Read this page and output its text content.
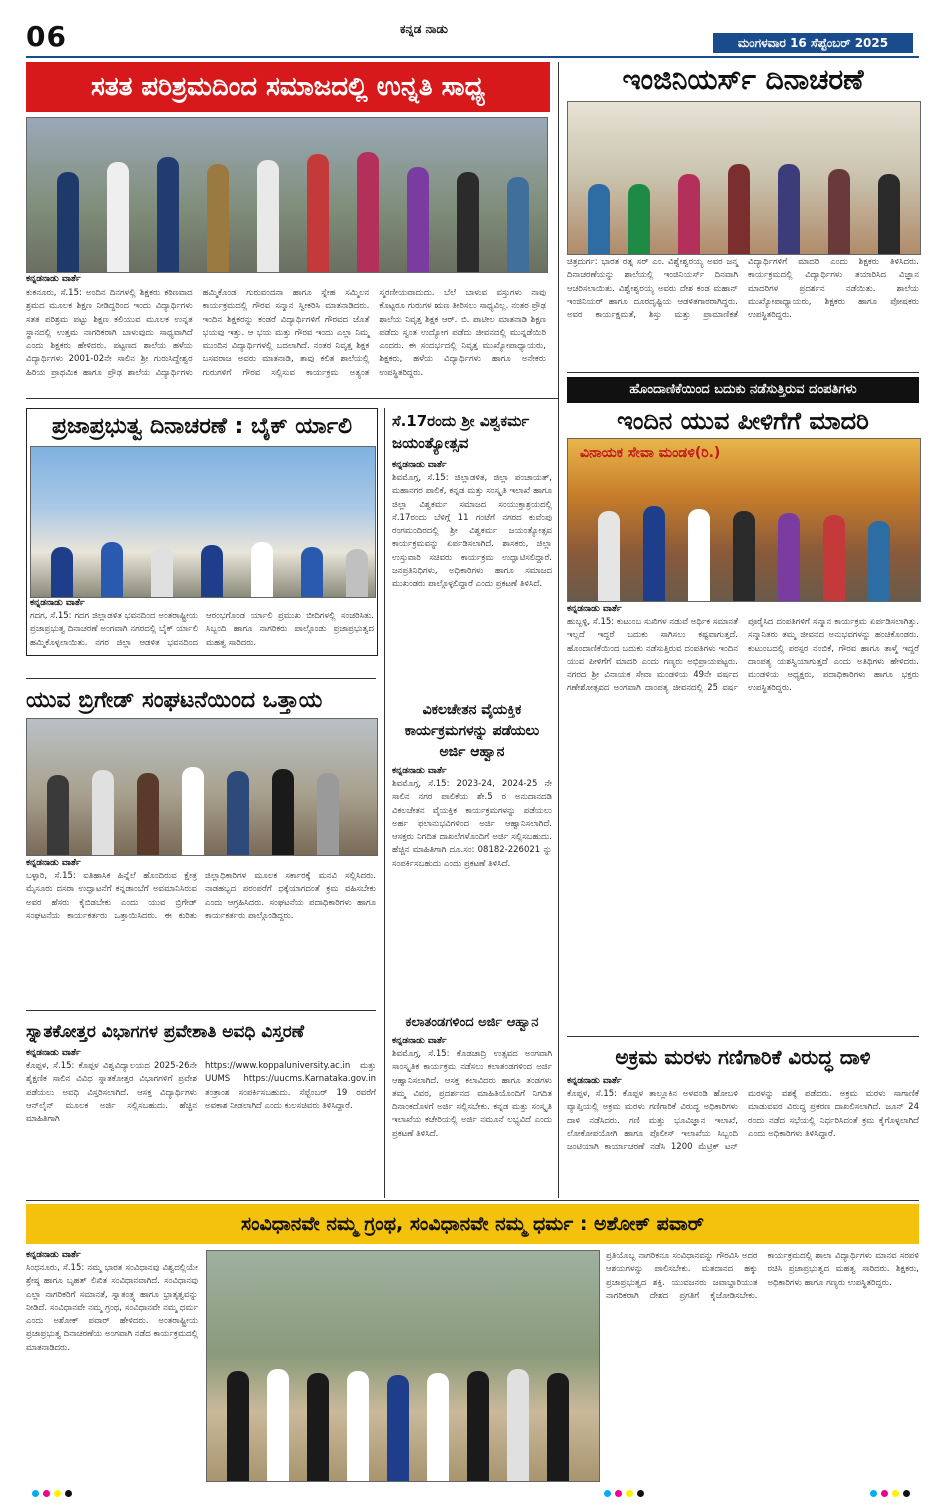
06	ಕನ್ನಡ ನಾಡು
ಮಂಗಳವಾರ 16 ಸೆಪ್ಟೆಂಬರ್ 2025
ಸತತ ಪರಿಶ್ರಮದಿಂದ ಸಮಾಜದಲ್ಲಿ ಉನ್ನತಿ ಸಾಧ್ಯ
ಕನ್ನಡನಾಡು ವಾರ್ತೆ
ಕುಕನೂರು, ಸೆ.15: ಅಂದಿನ ದಿನಗಳಲ್ಲಿ ಶಿಕ್ಷಕರು ಕಠಿಣವಾದ ಶ್ರಮದ ಮೂಲಕ ಶಿಕ್ಷಣ ನೀಡಿದ್ದರಿಂದ ಇಂದು ವಿದ್ಯಾರ್ಥಿಗಳು ಸತತ ಪರಿಶ್ರಮ ಪಟ್ಟು ಶಿಕ್ಷಣ ಕಲಿಯುವ ಮೂಲಕ ಉನ್ನತ ಸ್ಥಾನದಲ್ಲಿ ಉತ್ತಮ ನಾಗರಿಕರಾಗಿ ಬಾಳುವುದು ಸಾಧ್ಯವಾಗಿದೆ ಎಂದು ಶಿಕ್ಷಕರು ಹೇಳಿದರು. ಪಟ್ಟಣದ ಶಾಲೆಯ ಹಳೆಯ ವಿದ್ಯಾರ್ಥಿಗಳು 2001-02ನೇ ಸಾಲಿನ ಶ್ರೀ ಗುರುಸಿದ್ದೇಶ್ವರ ಹಿರಿಯ ಪ್ರಾಥಮಿಕ ಹಾಗೂ ಪ್ರೌಢ ಶಾಲೆಯ ವಿದ್ಯಾರ್ಥಿಗಳು ಹಮ್ಮಿಕೊಂಡ ಗುರುವಂದನಾ ಹಾಗೂ ಸ್ನೇಹ ಸಮ್ಮಿಲನ ಕಾರ್ಯಕ್ರಮದಲ್ಲಿ ಗೌರವ ಸನ್ಮಾನ ಸ್ವೀಕರಿಸಿ ಮಾತನಾಡಿದರು. ಇಂದಿನ ಶಿಕ್ಷಕರನ್ನು ಕಂಡರೆ ವಿದ್ಯಾರ್ಥಿಗಳಿಗೆ ಗೌರವದ ಜೊತೆ ಭಯವು ಇತ್ತು. ಆ ಭಯ ಮತ್ತು ಗೌರವ ಇಂದು ಎಲ್ಲಾ ನಿಮ್ಮ ಮುಂದಿನ ವಿದ್ಯಾರ್ಥಿಗಳಲ್ಲಿ ಬದಲಾಗಿದೆ. ನಂತರ ನಿವೃತ್ತ ಶಿಕ್ಷಕ ಬಸವರಾಜ ಅವರು ಮಾತನಾಡಿ, ತಾವು ಕಲಿತ ಶಾಲೆಯಲ್ಲಿ ಗುರುಗಳಿಗೆ ಗೌರವ ಸಲ್ಲಿಸುವ ಕಾರ್ಯಕ್ರಮ ಅತ್ಯಂತ ಸ್ಮರಣೀಯವಾದುದು. ಬೆಲೆ ಬಾಳುವ ವಸ್ತುಗಳು ನಾವು ಕೊಟ್ಟರೂ ಗುರುಗಳ ಋಣ ತೀರಿಸಲು ಸಾಧ್ಯವಿಲ್ಲ. ನಂತರ ಪ್ರೌಢ ಶಾಲೆಯ ನಿವೃತ್ತ ಶಿಕ್ಷಕ ಆರ್. ಬಿ. ಪಾಟೀಲ ಮಾತನಾಡಿ ಶಿಕ್ಷಣ ಪಡೆದು ಸ್ವಂತ ಉದ್ಯೋಗ ಪಡೆದು ಜೀವನದಲ್ಲಿ ಮುನ್ನಡೆಯಿರಿ ಎಂದರು. ಈ ಸಂದರ್ಭದಲ್ಲಿ ನಿವೃತ್ತ ಮುಖ್ಯೋಪಾಧ್ಯಾಯರು, ಶಿಕ್ಷಕರು, ಹಳೆಯ ವಿದ್ಯಾರ್ಥಿಗಳು ಹಾಗೂ ಅನೇಕರು ಉಪಸ್ಥಿತರಿದ್ದರು.
ಇಂಜಿನಿಯರ್ಸ್ ದಿನಾಚರಣೆ
ಚಿತ್ರದುರ್ಗ: ಭಾರತ ರತ್ನ ಸರ್ ಎಂ. ವಿಶ್ವೇಶ್ವರಯ್ಯ ಅವರ ಜನ್ಮ ದಿನಾಚರಣೆಯನ್ನು ಶಾಲೆಯಲ್ಲಿ ಇಂಜಿನಿಯರ್ಸ್ ದಿನವಾಗಿ ಆಚರಿಸಲಾಯಿತು. ವಿಶ್ವೇಶ್ವರಯ್ಯ ಅವರು ದೇಶ ಕಂಡ ಮಹಾನ್ ಇಂಜಿನಿಯರ್ ಹಾಗೂ ದೂರದೃಷ್ಟಿಯ ಆಡಳಿತಗಾರರಾಗಿದ್ದರು. ಅವರ ಕಾರ್ಯಕ್ಷಮತೆ, ಶಿಸ್ತು ಮತ್ತು ಪ್ರಾಮಾಣಿಕತೆ ವಿದ್ಯಾರ್ಥಿಗಳಿಗೆ ಮಾದರಿ ಎಂದು ಶಿಕ್ಷಕರು ತಿಳಿಸಿದರು. ಕಾರ್ಯಕ್ರಮದಲ್ಲಿ ವಿದ್ಯಾರ್ಥಿಗಳು ತಯಾರಿಸಿದ ವಿಜ್ಞಾನ ಮಾದರಿಗಳ ಪ್ರದರ್ಶನ ನಡೆಯಿತು. ಶಾಲೆಯ ಮುಖ್ಯೋಪಾಧ್ಯಾಯರು, ಶಿಕ್ಷಕರು ಹಾಗೂ ಪೋಷಕರು ಉಪಸ್ಥಿತರಿದ್ದರು.
ಪ್ರಜಾಪ್ರಭುತ್ವ ದಿನಾಚರಣೆ : ಬೈಕ್ ರ್ಯಾಲಿ
ಕನ್ನಡನಾಡು ವಾರ್ತೆ
ಗದಗ, ಸೆ.15: ಗದಗ ಜಿಲ್ಲಾಡಳಿತ ಭವನದಿಂದ ಅಂತರಾಷ್ಟ್ರೀಯ ಪ್ರಜಾಪ್ರಭುತ್ವ ದಿನಾಚರಣೆ ಅಂಗವಾಗಿ ನಗರದಲ್ಲಿ ಬೈಕ್ ರ್ಯಾಲಿ ಹಮ್ಮಿಕೊಳ್ಳಲಾಯಿತು. ನಗರ ಜಿಲ್ಲಾ ಆಡಳಿತ ಭವನದಿಂದ ಆರಂಭಗೊಂಡ ರ್ಯಾಲಿ ಪ್ರಮುಖ ಬೀದಿಗಳಲ್ಲಿ ಸಂಚರಿಸಿತು. ಸಿಬ್ಬಂದಿ ಹಾಗೂ ನಾಗರಿಕರು ಪಾಲ್ಗೊಂಡು ಪ್ರಜಾಪ್ರಭುತ್ವದ ಮಹತ್ವ ಸಾರಿದರು.
ಸೆ.17ರಂದು ಶ್ರೀ ವಿಶ್ವಕರ್ಮ ಜಯಂತ್ಯೋತ್ಸವ
ಕನ್ನಡನಾಡು ವಾರ್ತೆ
ಶಿವಮೊಗ್ಗ, ಸೆ.15: ಜಿಲ್ಲಾಡಳಿತ, ಜಿಲ್ಲಾ ಪಂಚಾಯತ್, ಮಹಾನಗರ ಪಾಲಿಕೆ, ಕನ್ನಡ ಮತ್ತು ಸಂಸ್ಕೃತಿ ಇಲಾಖೆ ಹಾಗೂ ಜಿಲ್ಲಾ ವಿಶ್ವಕರ್ಮ ಸಮಾಜದ ಸಂಯುಕ್ತಾಶ್ರಯದಲ್ಲಿ ಸೆ.17ರಂದು ಬೆಳಿಗ್ಗೆ 11 ಗಂಟೆಗೆ ನಗರದ ಕುವೆಂಪು ರಂಗಮಂದಿರದಲ್ಲಿ ಶ್ರೀ ವಿಶ್ವಕರ್ಮ ಜಯಂತ್ಯೋತ್ಸವ ಕಾರ್ಯಕ್ರಮವನ್ನು ಏರ್ಪಡಿಸಲಾಗಿದೆ. ಶಾಸಕರು, ಜಿಲ್ಲಾ ಉಸ್ತುವಾರಿ ಸಚಿವರು ಕಾರ್ಯಕ್ರಮ ಉದ್ಘಾಟಿಸಲಿದ್ದಾರೆ. ಜನಪ್ರತಿನಿಧಿಗಳು, ಅಧಿಕಾರಿಗಳು ಹಾಗೂ ಸಮಾಜದ ಮುಖಂಡರು ಪಾಲ್ಗೊಳ್ಳಲಿದ್ದಾರೆ ಎಂದು ಪ್ರಕಟಣೆ ತಿಳಿಸಿದೆ.
ಹೊಂದಾಣಿಕೆಯಿಂದ ಬದುಕು ನಡೆಸುತ್ತಿರುವ ದಂಪತಿಗಳು
ಇಂದಿನ ಯುವ ಪೀಳಿಗೆಗೆ ಮಾದರಿ
ವಿನಾಯಕ ಸೇವಾ ಮಂಡಳಿ(ರಿ.)
ಕನ್ನಡನಾಡು ವಾರ್ತೆ
ಹುಬ್ಬಳ್ಳಿ, ಸೆ.15: ಕುಟುಂಬ ಸುಖಿಗಳ ನಡುವೆ ಅರ್ಥಿಕ ಸಮಾನತೆ ಇಲ್ಲದೆ ಇದ್ದರೆ ಬದುಕು ಸಾಗಿಸಲು ಕಷ್ಟವಾಗುತ್ತದೆ. ಹೊಂದಾಣಿಕೆಯಿಂದ ಬದುಕು ನಡೆಸುತ್ತಿರುವ ದಂಪತಿಗಳು ಇಂದಿನ ಯುವ ಪೀಳಿಗೆಗೆ ಮಾದರಿ ಎಂದು ಗಣ್ಯರು ಅಭಿಪ್ರಾಯಪಟ್ಟರು. ನಗರದ ಶ್ರೀ ವಿನಾಯಕ ಸೇವಾ ಮಂಡಳಿಯ 49ನೇ ವರ್ಷದ ಗಣೇಶೋತ್ಸವದ ಅಂಗವಾಗಿ ದಾಂಪತ್ಯ ಜೀವನದಲ್ಲಿ 25 ವರ್ಷ ಪೂರೈಸಿದ ದಂಪತಿಗಳಿಗೆ ಸನ್ಮಾನ ಕಾರ್ಯಕ್ರಮ ಏರ್ಪಡಿಸಲಾಗಿತ್ತು. ಸನ್ಮಾನಿತರು ತಮ್ಮ ಜೀವನದ ಅನುಭವಗಳನ್ನು ಹಂಚಿಕೊಂಡರು. ಕುಟುಂಬದಲ್ಲಿ ಪರಸ್ಪರ ನಂಬಿಕೆ, ಗೌರವ ಹಾಗೂ ತಾಳ್ಮೆ ಇದ್ದರೆ ದಾಂಪತ್ಯ ಯಶಸ್ವಿಯಾಗುತ್ತದೆ ಎಂದು ಅತಿಥಿಗಳು ಹೇಳಿದರು. ಮಂಡಳಿಯ ಅಧ್ಯಕ್ಷರು, ಪದಾಧಿಕಾರಿಗಳು ಹಾಗೂ ಭಕ್ತರು ಉಪಸ್ಥಿತರಿದ್ದರು.
ಯುವ ಬ್ರಿಗೇಡ್ ಸಂಘಟನೆಯಿಂದ ಒತ್ತಾಯ
ಕನ್ನಡನಾಡು ವಾರ್ತೆ
ಬಳ್ಳಾರಿ, ಸೆ.15: ಐತಿಹಾಸಿಕ ಹಿನ್ನೆಲೆ ಹೊಂದಿರುವ ಕ್ಷೇತ್ರ ಮೈಸೂರು ದಸರಾ ಉದ್ಘಾಟನೆಗೆ ಕನ್ನಡಾಂಬೆಗೆ ಅವಮಾನಿಸಿರುವ ಅವರ ಹೆಸರು ಕೈಬಿಡಬೇಕು ಎಂದು ಯುವ ಬ್ರಿಗೇಡ್ ಸಂಘಟನೆಯ ಕಾರ್ಯಕರ್ತರು ಒತ್ತಾಯಿಸಿದರು. ಈ ಕುರಿತು ಜಿಲ್ಲಾಧಿಕಾರಿಗಳ ಮೂಲಕ ಸರ್ಕಾರಕ್ಕೆ ಮನವಿ ಸಲ್ಲಿಸಿದರು. ನಾಡಹಬ್ಬದ ಪರಂಪರೆಗೆ ಧಕ್ಕೆಯಾಗದಂತೆ ಕ್ರಮ ವಹಿಸಬೇಕು ಎಂದು ಆಗ್ರಹಿಸಿದರು. ಸಂಘಟನೆಯ ಪದಾಧಿಕಾರಿಗಳು ಹಾಗೂ ಕಾರ್ಯಕರ್ತರು ಪಾಲ್ಗೊಂಡಿದ್ದರು.
ವಿಕಲಚೇತನ ವೈಯಕ್ತಿಕ ಕಾರ್ಯಕ್ರಮಗಳನ್ನು ಪಡೆಯಲು ಅರ್ಜಿ ಆಹ್ವಾನ
ಕನ್ನಡನಾಡು ವಾರ್ತೆ
ಶಿವಮೊಗ್ಗ, ಸೆ.15: 2023-24, 2024-25 ನೇ ಸಾಲಿನ ನಗರ ಪಾಲಿಕೆಯ ಶೇ.5 ರ ಅನುದಾನದಡಿ ವಿಕಲಚೇತನ ವೈಯಕ್ತಿಕ ಕಾರ್ಯಕ್ರಮಗಳನ್ನು ಪಡೆಯಲು ಅರ್ಹ ಫಲಾನುಭವಿಗಳಿಂದ ಅರ್ಜಿ ಆಹ್ವಾನಿಸಲಾಗಿದೆ. ಆಸಕ್ತರು ನಿಗದಿತ ದಾಖಲೆಗಳೊಂದಿಗೆ ಅರ್ಜಿ ಸಲ್ಲಿಸಬಹುದು. ಹೆಚ್ಚಿನ ಮಾಹಿತಿಗಾಗಿ ದೂ.ಸಂ: 08182-226021 ನ್ನು ಸಂಪರ್ಕಿಸಬಹುದು ಎಂದು ಪ್ರಕಟಣೆ ತಿಳಿಸಿದೆ.
ಕಲಾತಂಡಗಳಿಂದ ಅರ್ಜಿ ಆಹ್ವಾನ
ಕನ್ನಡನಾಡು ವಾರ್ತೆ
ಶಿವಮೊಗ್ಗ, ಸೆ.15: ಕೊಡಚಾದ್ರಿ ಉತ್ಸವದ ಅಂಗವಾಗಿ ಸಾಂಸ್ಕೃತಿಕ ಕಾರ್ಯಕ್ರಮ ನಡೆಸಲು ಕಲಾತಂಡಗಳಿಂದ ಅರ್ಜಿ ಆಹ್ವಾನಿಸಲಾಗಿದೆ. ಆಸಕ್ತ ಕಲಾವಿದರು ಹಾಗೂ ತಂಡಗಳು ತಮ್ಮ ವಿವರ, ಪ್ರದರ್ಶನದ ಮಾಹಿತಿಯೊಂದಿಗೆ ನಿಗದಿತ ದಿನಾಂಕದೊಳಗೆ ಅರ್ಜಿ ಸಲ್ಲಿಸಬೇಕು. ಕನ್ನಡ ಮತ್ತು ಸಂಸ್ಕೃತಿ ಇಲಾಖೆಯ ಕಚೇರಿಯಲ್ಲಿ ಅರ್ಜಿ ನಮೂನೆ ಲಭ್ಯವಿದೆ ಎಂದು ಪ್ರಕಟಣೆ ತಿಳಿಸಿದೆ.
ಸ್ನಾತಕೋತ್ತರ ವಿಭಾಗಗಳ ಪ್ರವೇಶಾತಿ ಅವಧಿ ವಿಸ್ತರಣೆ
ಕನ್ನಡನಾಡು ವಾರ್ತೆ
ಕೊಪ್ಪಳ, ಸೆ.15: ಕೊಪ್ಪಳ ವಿಶ್ವವಿದ್ಯಾಲಯದ 2025-26ನೇ ಶೈಕ್ಷಣಿಕ ಸಾಲಿನ ವಿವಿಧ ಸ್ನಾತಕೋತ್ತರ ವಿಭಾಗಗಳಿಗೆ ಪ್ರವೇಶ ಪಡೆಯಲು ಅವಧಿ ವಿಸ್ತರಿಸಲಾಗಿದೆ. ಆಸಕ್ತ ವಿದ್ಯಾರ್ಥಿಗಳು ಆನ್‌ಲೈನ್ ಮೂಲಕ ಅರ್ಜಿ ಸಲ್ಲಿಸಬಹುದು. ಹೆಚ್ಚಿನ ಮಾಹಿತಿಗಾಗಿ https://www.koppaluniversity.ac.in ಮತ್ತು UUMS https://uucms.Karnataka.gov.in ತಂತ್ರಾಂಶ ಸಂಪರ್ಕಿಸಬಹುದು. ಸೆಪ್ಟೆಂಬರ್ 19 ರವರೆಗೆ ಅವಕಾಶ ನೀಡಲಾಗಿದೆ ಎಂದು ಕುಲಸಚಿವರು ತಿಳಿಸಿದ್ದಾರೆ.
ಅಕ್ರಮ ಮರಳು ಗಣಿಗಾರಿಕೆ ವಿರುದ್ಧ ದಾಳಿ
ಕನ್ನಡನಾಡು ವಾರ್ತೆ
ಕೊಪ್ಪಳ, ಸೆ.15: ಕೊಪ್ಪಳ ತಾಲ್ಲೂಕಿನ ಅಳವಂಡಿ ಹೋಬಳಿ ವ್ಯಾಪ್ತಿಯಲ್ಲಿ ಅಕ್ರಮ ಮರಳು ಗಣಿಗಾರಿಕೆ ವಿರುದ್ಧ ಅಧಿಕಾರಿಗಳು ದಾಳಿ ನಡೆಸಿದರು. ಗಣಿ ಮತ್ತು ಭೂವಿಜ್ಞಾನ ಇಲಾಖೆ, ಲೋಕೋಪಯೋಗಿ ಹಾಗೂ ಪೊಲೀಸ್ ಇಲಾಖೆಯ ಸಿಬ್ಬಂದಿ ಜಂಟಿಯಾಗಿ ಕಾರ್ಯಾಚರಣೆ ನಡೆಸಿ 1200 ಮೆಟ್ರಿಕ್ ಟನ್ ಮರಳನ್ನು ವಶಕ್ಕೆ ಪಡೆದರು. ಅಕ್ರಮ ಮರಳು ಸಾಗಾಣಿಕೆ ಮಾಡುವವರ ವಿರುದ್ಧ ಪ್ರಕರಣ ದಾಖಲಿಸಲಾಗಿದೆ. ಜೂನ್ 24 ರಂದು ನಡೆದ ಸಭೆಯಲ್ಲಿ ನಿರ್ಧರಿಸಿದಂತೆ ಕ್ರಮ ಕೈಗೊಳ್ಳಲಾಗಿದೆ ಎಂದು ಅಧಿಕಾರಿಗಳು ತಿಳಿಸಿದ್ದಾರೆ.
ಸಂವಿಧಾನವೇ ನಮ್ಮ ಗ್ರಂಥ, ಸಂವಿಧಾನವೇ ನಮ್ಮ ಧರ್ಮ : ಅಶೋಕ್ ಪವಾರ್
ಕನ್ನಡನಾಡು ವಾರ್ತೆ
ಸಿಂಧನೂರು, ಸೆ.15: ನಮ್ಮ ಭಾರತ ಸಂವಿಧಾನವು ವಿಶ್ವದಲ್ಲಿಯೇ ಶ್ರೇಷ್ಠ ಹಾಗೂ ಬೃಹತ್ ಲಿಖಿತ ಸಂವಿಧಾನವಾಗಿದೆ. ಸಂವಿಧಾನವು ಎಲ್ಲಾ ನಾಗರಿಕರಿಗೆ ಸಮಾನತೆ, ಸ್ವಾತಂತ್ರ್ಯ ಹಾಗೂ ಭ್ರಾತೃತ್ವವನ್ನು ನೀಡಿದೆ. ಸಂವಿಧಾನವೇ ನಮ್ಮ ಗ್ರಂಥ, ಸಂವಿಧಾನವೇ ನಮ್ಮ ಧರ್ಮ ಎಂದು ಅಶೋಕ್ ಪವಾರ್ ಹೇಳಿದರು. ಅಂತರಾಷ್ಟ್ರೀಯ ಪ್ರಜಾಪ್ರಭುತ್ವ ದಿನಾಚರಣೆಯ ಅಂಗವಾಗಿ ನಡೆದ ಕಾರ್ಯಕ್ರಮದಲ್ಲಿ ಮಾತನಾಡಿದರು.
ಪ್ರತಿಯೊಬ್ಬ ನಾಗರಿಕನೂ ಸಂವಿಧಾನವನ್ನು ಗೌರವಿಸಿ ಅದರ ಆಶಯಗಳನ್ನು ಪಾಲಿಸಬೇಕು. ಮತದಾನದ ಹಕ್ಕು ಪ್ರಜಾಪ್ರಭುತ್ವದ ಶಕ್ತಿ. ಯುವಜನರು ಜವಾಬ್ದಾರಿಯುತ ನಾಗರಿಕರಾಗಿ ದೇಶದ ಪ್ರಗತಿಗೆ ಕೈಜೋಡಿಸಬೇಕು. ಕಾರ್ಯಕ್ರಮದಲ್ಲಿ ಶಾಲಾ ವಿದ್ಯಾರ್ಥಿಗಳು ಮಾನವ ಸರಪಳಿ ರಚಿಸಿ ಪ್ರಜಾಪ್ರಭುತ್ವದ ಮಹತ್ವ ಸಾರಿದರು. ಶಿಕ್ಷಕರು, ಅಧಿಕಾರಿಗಳು ಹಾಗೂ ಗಣ್ಯರು ಉಪಸ್ಥಿತರಿದ್ದರು.
